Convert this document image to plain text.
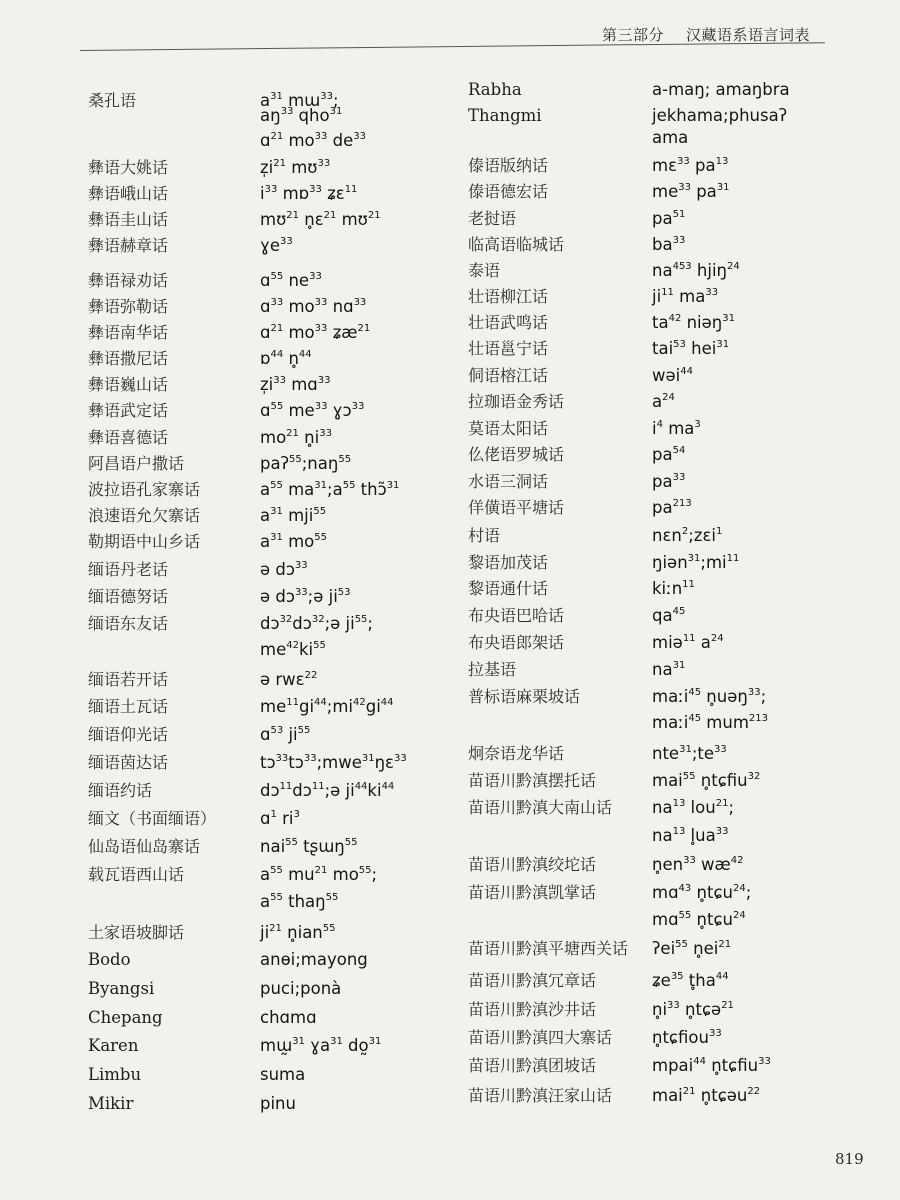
第三部分 汉藏语系语言词表
桑孔语	$a^{31}$ mɯ$^{33}$;
$aŋ^{33}$ qho$^{31}$
ɑ$^{21}$ $mo^{33}$ $de^{33}$
彝语大姚话	$z̩i^{21}$ mʊ$^{33}$
彝语峨山话	$i^{33}$ mɒ$^{33}$ ʑɛ$^{11}$
彝语圭山话	mʊ$^{21}$ n̥ɛ$^{21}$ mʊ$^{21}$
彝语赫章话	ɣe$^{33}$
彝语禄劝话	ɑ$^{55}$ $ne^{33}$
彝语弥勒话	ɑ$^{33}$ $mo^{33}$ nɑ$^{33}$
彝语南华话	ɑ$^{21}$ $mo^{33}$ ʑæ$^{21}$
彝语撒尼话	ɒ$^{44}$ n̥$^{44}$
彝语巍山话	$z̩i^{33}$ mɑ$^{33}$
彝语武定话	ɑ$^{55}$ $me^{33}$ ɣɔ$^{33}$
彝语喜德话	$mo^{21}$ $n̥i^{33}$
阿昌语户撒话	paʔ$^{55}$;naŋ$^{55}$
波拉语孔家寨话	$a^{55}$ $ma^{31};a^{55}$ thɔ̃$^{31}$
浪速语允欠寨话	$a^{31}$ mji$^{55}$
勒期语中山乡话	$a^{31}$ $mo^{55}$
缅语丹老话	ə dɔ$^{33}$
缅语德努话	ə dɔ$^{33}$;ə $ji^{53}$
缅语东友话	dɔ$^{32}$dɔ$^{32}$;ə $ji^{55}$;
$me^{42}ki^{55}$
缅语若开话	ə rwɛ$^{22}$
缅语土瓦话	$me^{11}gi^{44};mi^{42}gi^{44}$
缅语仰光话	ɑ$^{53}$ $ji^{55}$
缅语茵达话	tɔ$^{33}$tɔ$^{33}$;mwe$^{31}$ŋɛ$^{33}$
缅语约话	dɔ$^{11}$dɔ$^{11}$;ə $ji^{44}ki^{44}$
缅文（书面缅语）	ɑ$^1$ $ri^3$
仙岛语仙岛寨话	nai$^{55}$ tʂɯŋ$^{55}$
载瓦语西山话	$a^{55}$ $mu^{21}$ $mo^{55}$;
$a^{55}$ thaŋ$^{55}$
土家语坡脚话	$ji^{21}$ n̥ian$^{55}$
Bodo	anɵi;mayong
Byangsi	puci;ponà
Chepang	chɑmɑ
Karen	mɯ̰$^{31}$ ɣa$^{31}$ do̰$^{31}$
Limbu	suma
Mikir	pinu
Rabha	a-maŋ; amaŋbra
Thangmi	jekhama;phusaʔ
ama
傣语版纳话	mɛ$^{33}$ $pa^{13}$
傣语德宏话	$me^{33}$ $pa^{31}$
老挝语	$pa^{51}$
临高语临城话	$ba^{33}$
泰语	$na^{453}$ hjiŋ$^{24}$
壮语柳江话	$ji^{11}$ $ma^{33}$
壮语武鸣话	$ta^{42}$ niəŋ$^{31}$
壮语邕宁话	tai$^{53}$ hei$^{31}$
侗语榕江话	wəi$^{44}$
拉珈语金秀话	$a^{24}$
莫语太阳话	$i^4$ $ma^3$
仫佬语罗城话	$pa^{54}$
水语三洞话	$pa^{33}$
佯僙语平塘话	$pa^{213}$
村语	nɛn$^2$;zɛi$^1$
黎语加茂话	$ŋiən^{31};mi^{11}$
黎语通什话	kiːn$^{11}$
布央语巴哈话	$qa^{45}$
布央语郎架话	miə$^{11}$ $a^{24}$
拉基语	$na^{31}$
普标语麻栗坡话	maːi$^{45}$ n̥uəŋ$^{33}$;
maːi$^{45}$ mum$^{213}$
炯奈语龙华话	$nte^{31};te^{33}$
苗语川黔滇摆托话	mai$^{55}$ n̥tɕfiu$^{32}$
苗语川黔滇大南山话 $na^{13}$ lou$^{21}$;
$na^{13}$ $l̥ua^{33}$
苗语川黔滇绞坨话	$n̥en^{33}$ $wæ^{42}$
苗语川黔滇凯掌话	mɑ$^{43}$ n̥tɕu$^{24}$;
mɑ$^{55}$ n̥tɕu$^{24}$
苗语川黔滇平塘西关话 ʔei$^{55}$ $n̥ei^{21}$
苗语川黔滇冗章话	ʑe$^{35}$ $t̥ha^{44}$
苗语川黔滇沙井话	$n̥i^{33}$ n̥tɕə$^{21}$
苗语川黔滇四大寨话 n̥tɕfiou$^{33}$
苗语川黔滇团坡话	mpai$^{44}$ n̥tɕfiu$^{33}$
苗语川黔滇汪家山话 mai$^{21}$ n̥tɕəu$^{22}$
819
